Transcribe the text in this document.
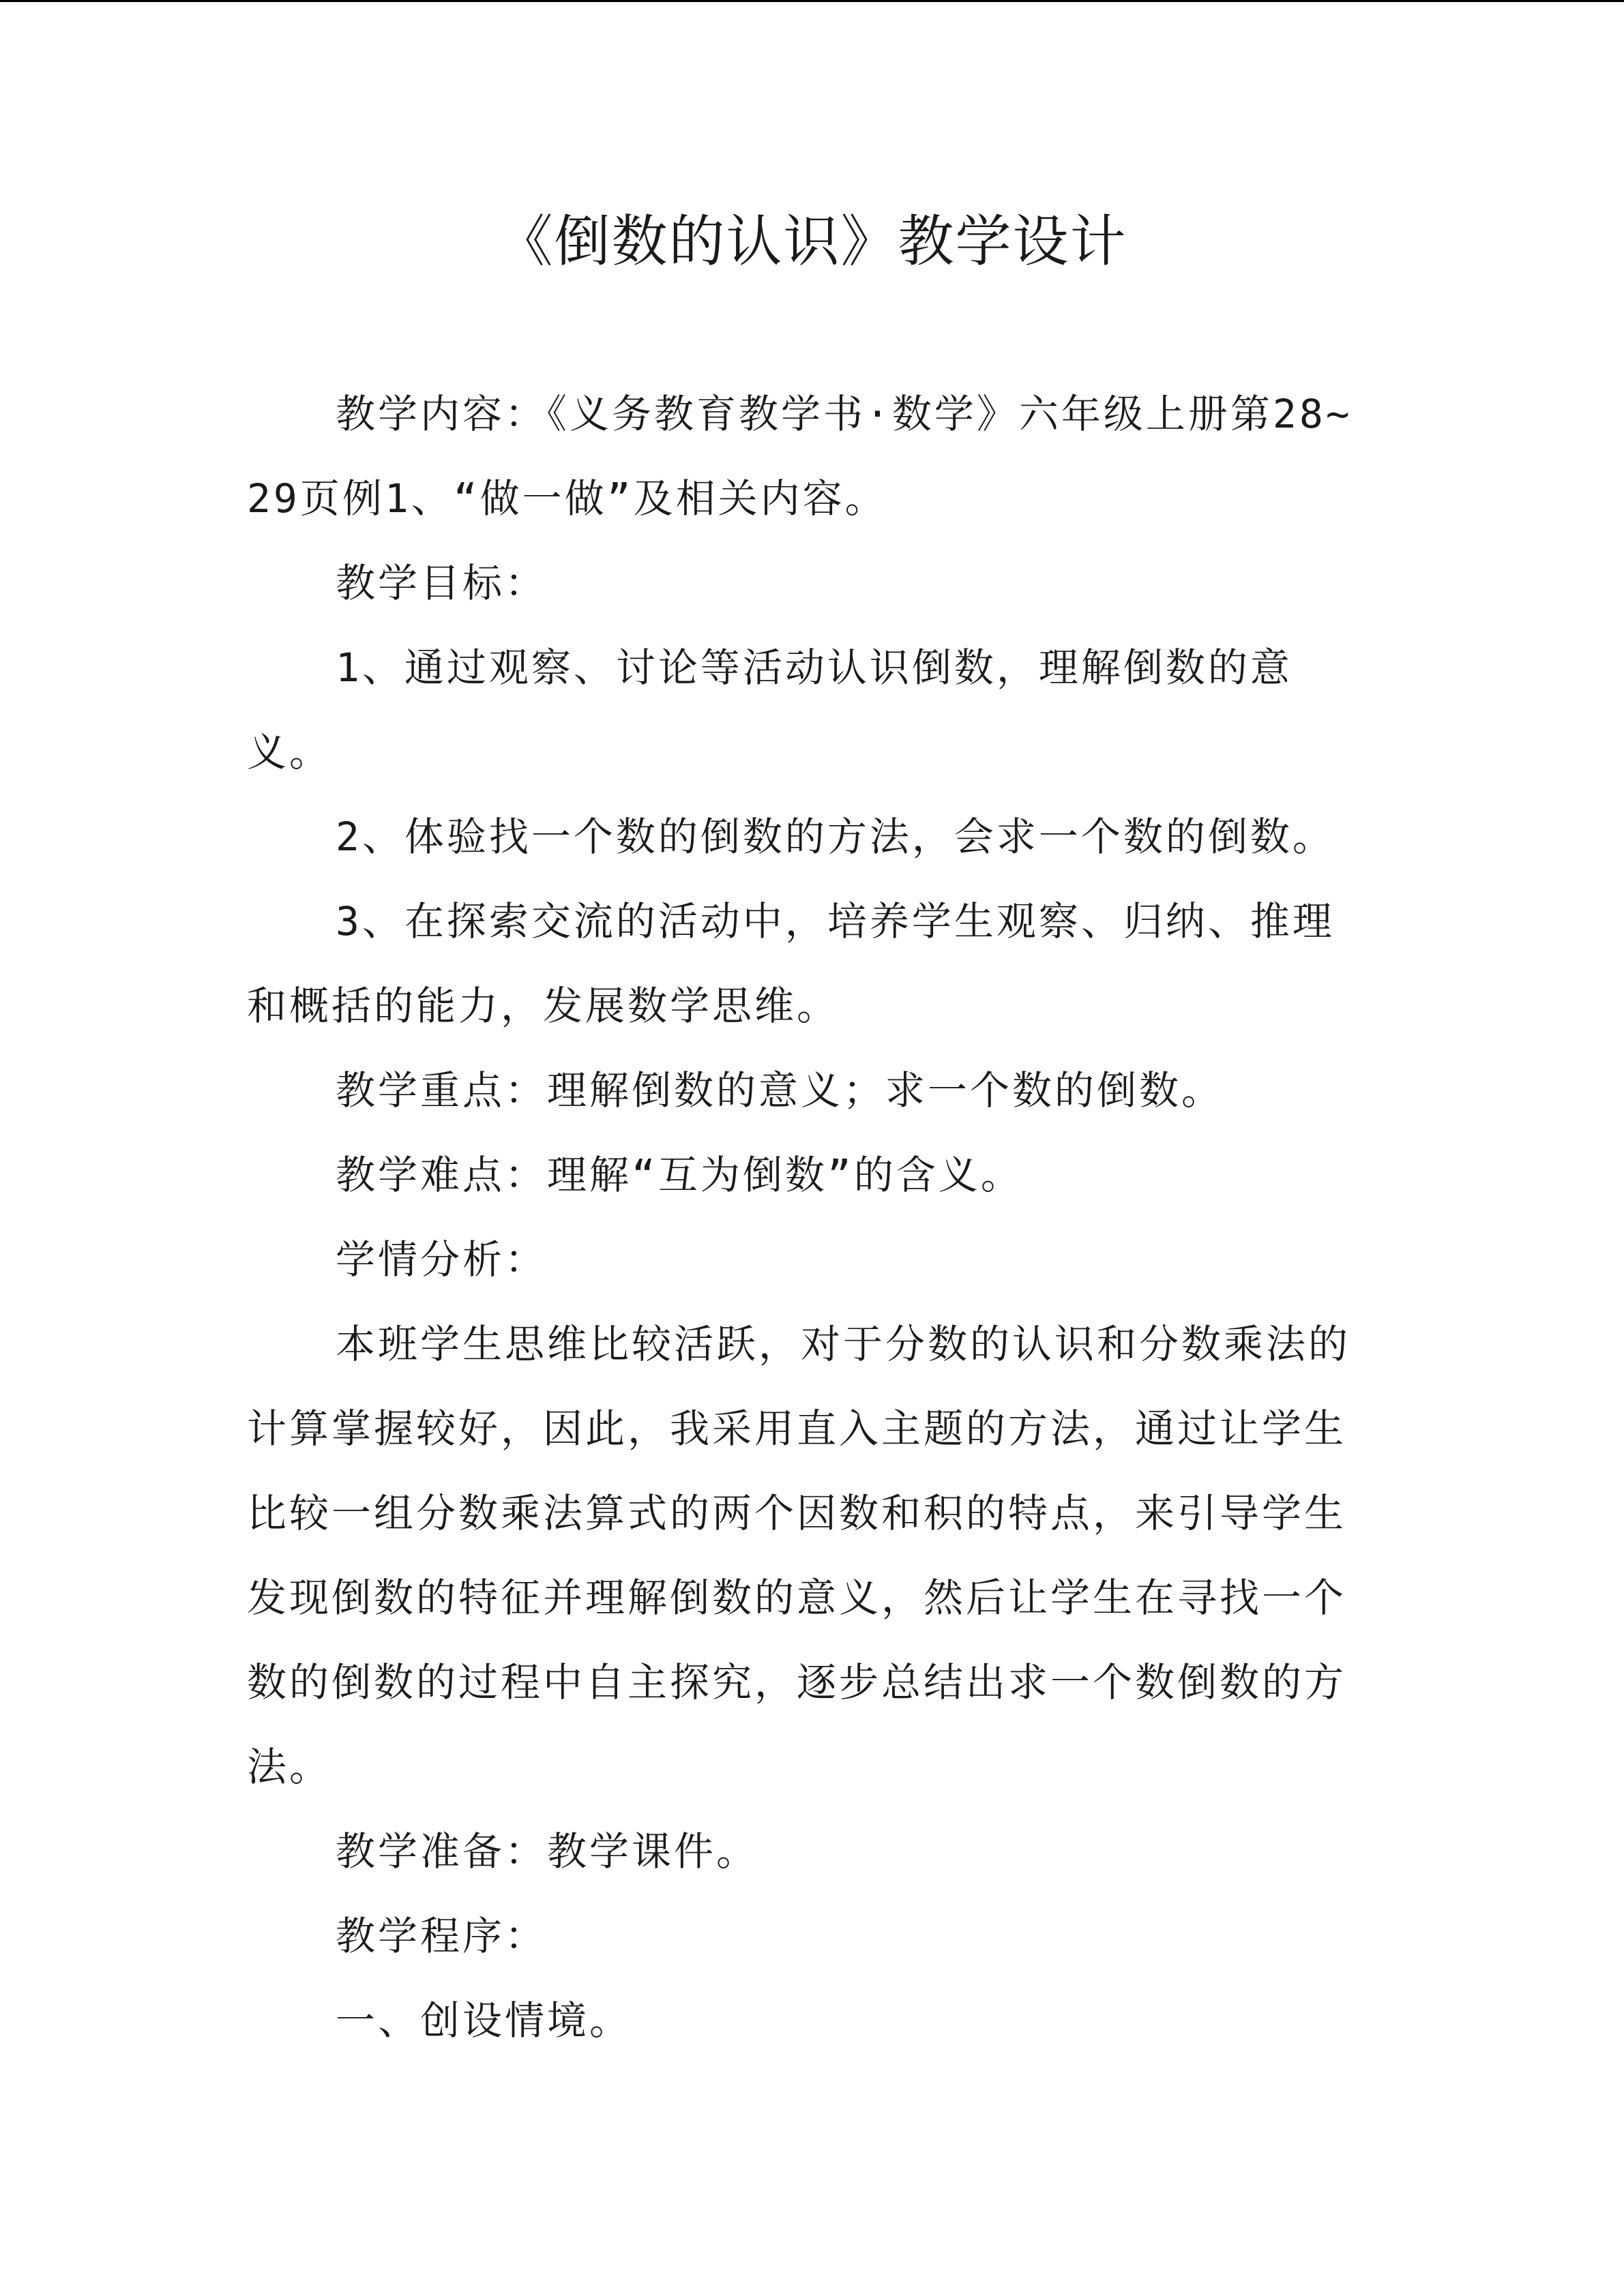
《倒数的认识》教学设计

教学内容：《义务教育教学书·数学》六年级上册第28~29页例1、“做一做”及相关内容。

教学目标：

1、通过观察、讨论等活动认识倒数，理解倒数的意义。

2、体验找一个数的倒数的方法，会求一个数的倒数。

3、在探索交流的活动中，培养学生观察、归纳、推理和概括的能力，发展数学思维。

教学重点：理解倒数的意义；求一个数的倒数。

教学难点：理解“互为倒数”的含义。

学情分析：

本班学生思维比较活跃，对于分数的认识和分数乘法的计算掌握较好，因此，我采用直入主题的方法，通过让学生比较一组分数乘法算式的两个因数和积的特点，来引导学生发现倒数的特征并理解倒数的意义，然后让学生在寻找一个数的倒数的过程中自主探究，逐步总结出求一个数倒数的方法。

教学准备：教学课件。

教学程序：

一、创设情境。
